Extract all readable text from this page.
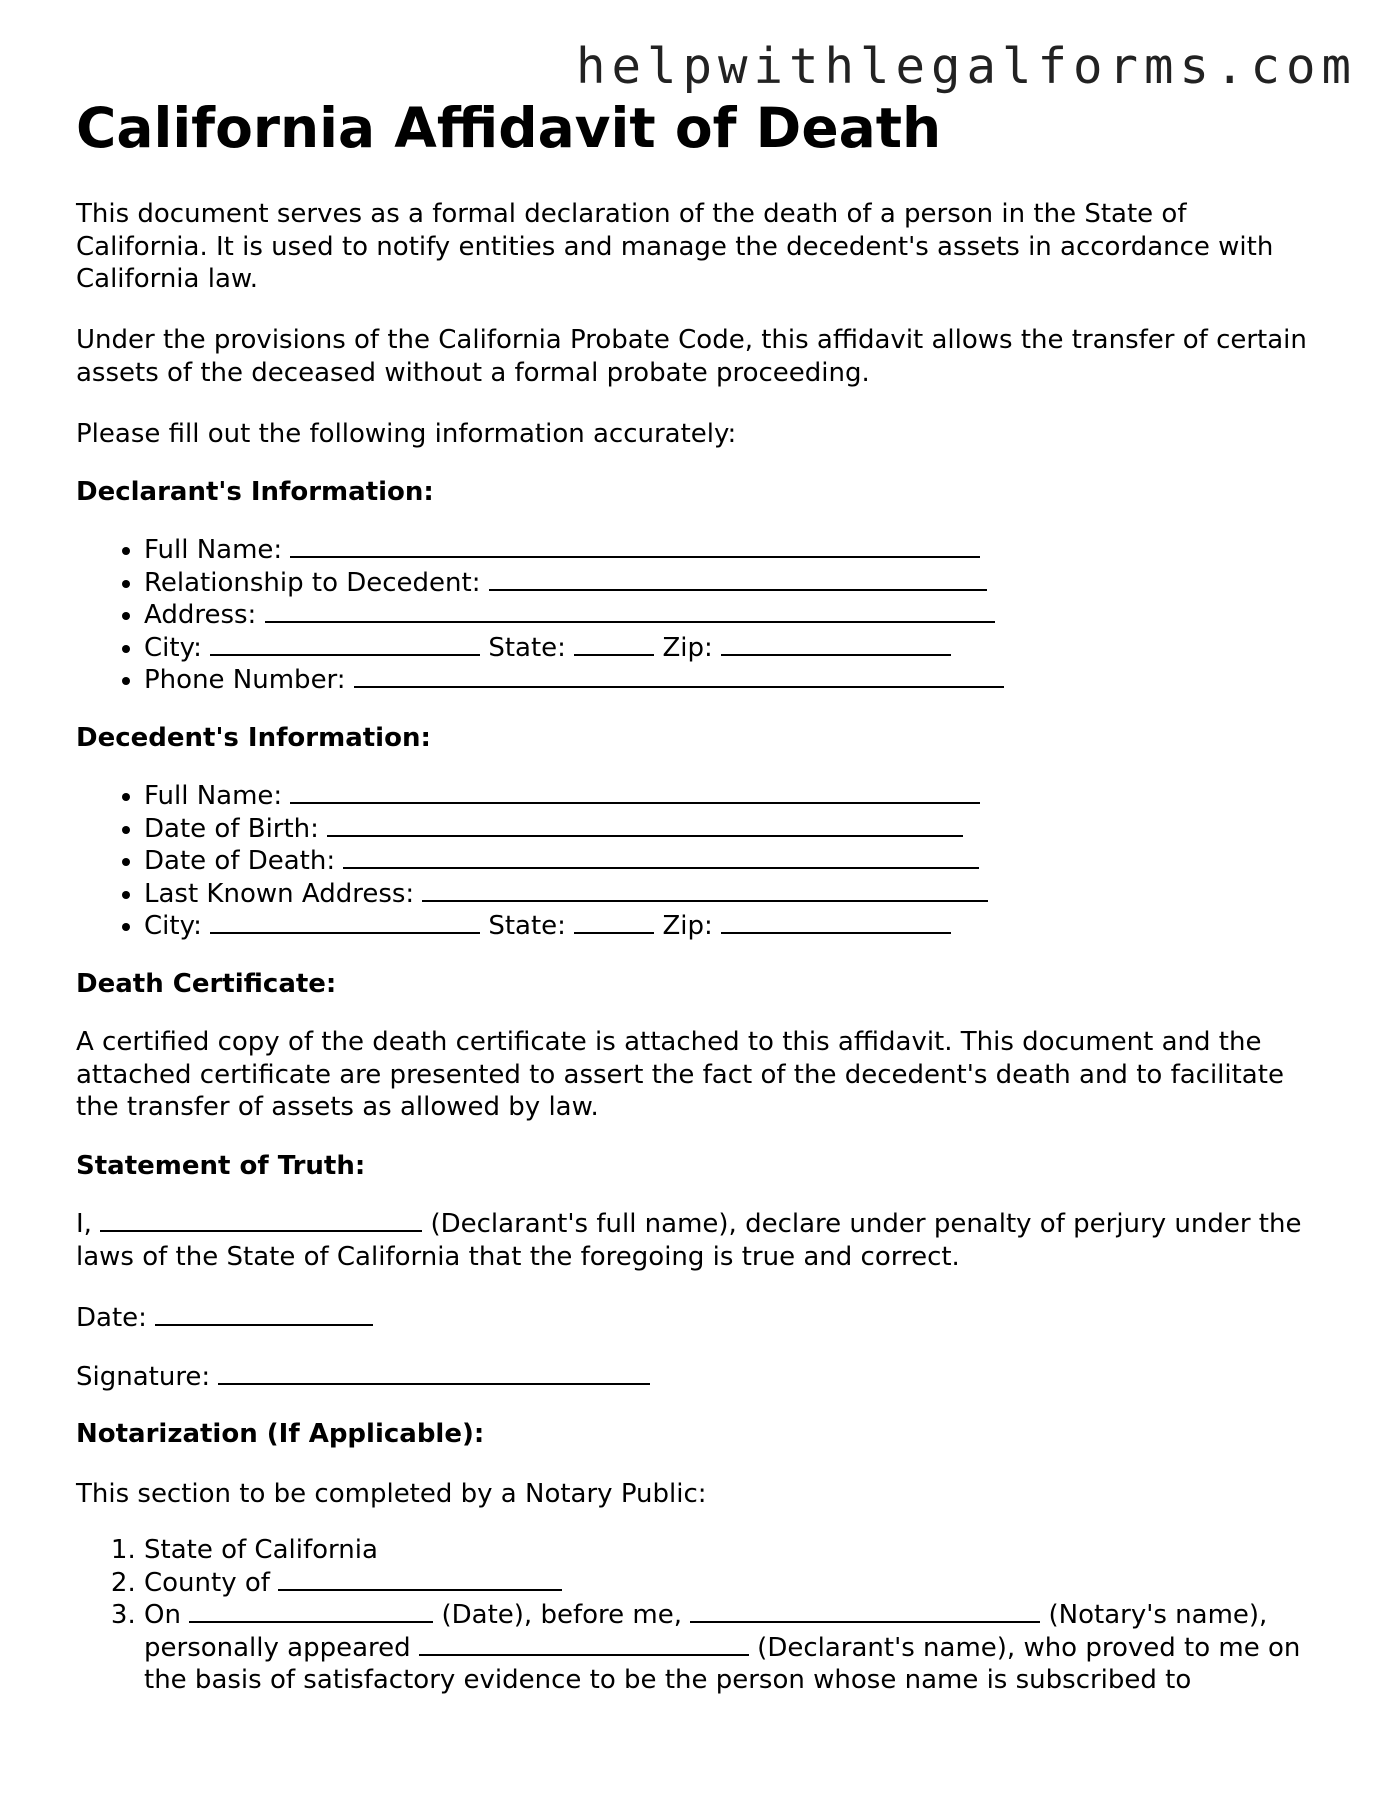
helpwithlegalforms.com
California Affidavit of Death
This document serves as a formal declaration of the death of a person in the State of California. It is used to notify entities and manage the decedent's assets in accordance with California law.
Under the provisions of the California Probate Code, this affidavit allows the transfer of certain assets of the deceased without a formal probate proceeding.
Please fill out the following information accurately:
Declarant's Information:
• Full Name:
• Relationship to Decedent:
• Address:
• City:	State:	Zip:
• Phone Number:
Decedent's Information:
• Full Name:
• Date of Birth:
• Date of Death:
• Last Known Address:
• City:	State:	Zip:
Death Certificate:
A certified copy of the death certificate is attached to this affidavit. This document and the attached certificate are presented to assert the fact of the decedent's death and to facilitate the transfer of assets as allowed by law.
Statement of Truth:
I,	(Declarant's full name), declare under penalty of perjury under the laws of the State of California that the foregoing is true and correct.
Date:
Signature:
Notarization (If Applicable):
This section to be completed by a Notary Public:
1. State of California
2. County of
3. On	(Date), before me,	(Notary's name), personally appeared	(Declarant's name), who proved to me on the basis of satisfactory evidence to be the person whose name is subscribed to
